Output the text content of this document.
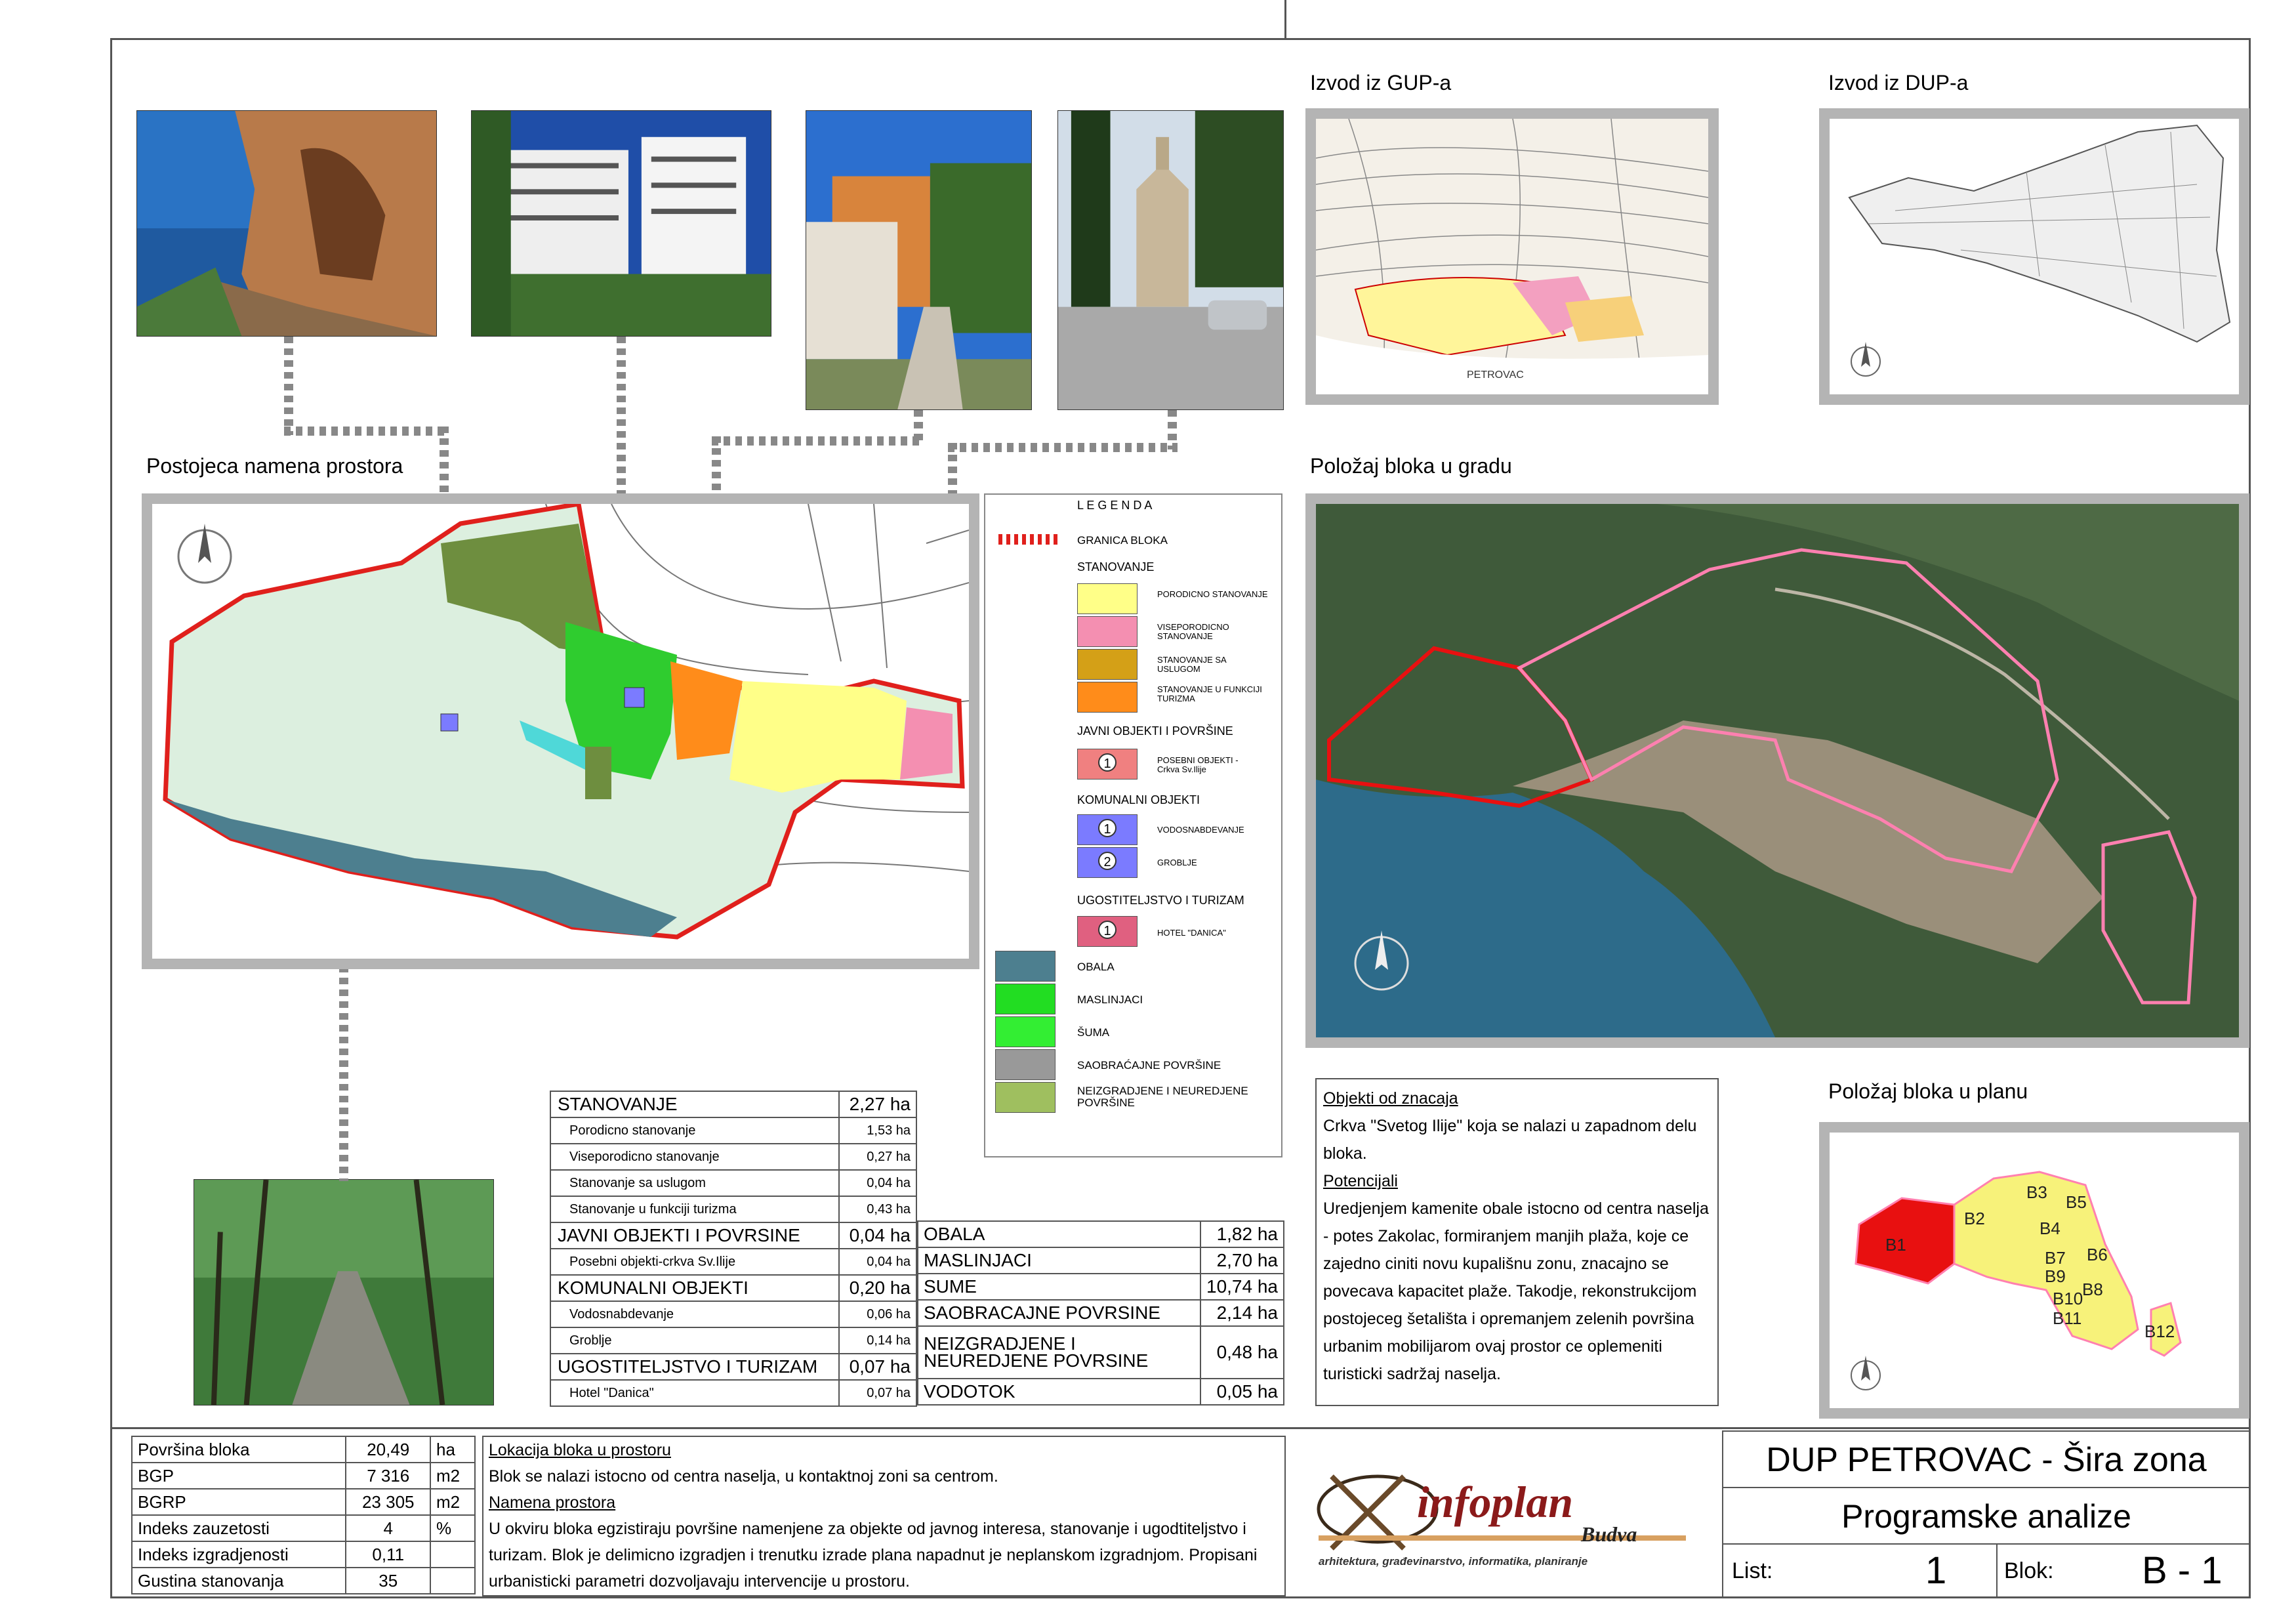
Postojeca namena prostora
Izvod iz GUP-a	Izvod iz DUP-a
Položaj bloka u gradu
Položaj bloka u planu
L E G E N D A
GRANICA BLOKA
STANOVANJE
PORODICNO STANOVANJE
VISEPORODICNO STANOVANJE
STANOVANJE SA USLUGOM
STANOVANJE U FUNKCIJI TURIZMA
JAVNI OBJEKTI I POVRŠINE
1	POSEBNI OBJEKTI - Crkva Sv.Ilije
KOMUNALNI OBJEKTI
1	VODOSNABDEVANJE
2	GROBLJE
UGOSTITELJSTVO I TURIZAM
1	HOTEL "DANICA"
OBALA
MASLINJACI
ŠUMA
SAOBRAĆAJNE POVRŠINE
NEIZGRADJENE I NEUREDJENE POVRŠINE
STANOVANJE	2,27 ha
Porodicno stanovanje	1,53 ha
Viseporodicno stanovanje	0,27 ha
Stanovanje sa uslugom	0,04 ha
Stanovanje u funkciji turizma	0,43 ha
JAVNI OBJEKTI I POVRSINE	0,04 ha
Posebni objekti-crkva Sv.Ilije	0,04 ha
KOMUNALNI OBJEKTI	0,20 ha
Vodosnabdevanje	0,06 ha
Groblje	0,14 ha
UGOSTITELJSTVO I TURIZAM	0,07 ha
Hotel "Danica"	0,07 ha
OBALA	1,82 ha
MASLINJACI	2,70 ha
SUME	10,74 ha
SAOBRACAJNE POVRSINE	2,14 ha
NEIZGRADJENE I NEUREDJENE POVRSINE	0,48 ha
VODOTOK	0,05 ha
Objekti od znacaja
Crkva "Svetog Ilije" koja se nalazi u zapadnom delu bloka.
Potencijali
Uredjenjem kamenite obale istocno od centra naselja - potes Zakolac, formiranjem manjih plaža, koje ce zajedno ciniti novu kupališnu zonu, znacajno se povecava kapacitet plaže. Takodje, rekonstrukcijom postojeceg šetališta i opremanjem zelenih površina urbanim mobilijarom ovaj prostor ce oplemeniti turisticki sadržaj naselja.
PETROVAC
B1
B2
B3
B4
B5
B6
B7
B8
B9
B10
B11
B12
Površina bloka	20,49	ha
BGP	7 316	m2
BGRP	23 305	m2
Indeks zauzetosti	4	%
Indeks izgradjenosti	0,11	
Gustina stanovanja	35	
Lokacija bloka u prostoru
Blok se nalazi istocno od centra naselja, u kontaktnoj zoni sa centrom.
Namena prostora
U okviru bloka egzistiraju površine namenjene za objekte od javnog interesa, stanovanje i ugodtiteljstvo i turizam. Blok je delimicno izgradjen i trenutku izrade plana napadnut je neplanskom izgradnjom. Propisani urbanisticki parametri dozvoljavaju intervencije u prostoru.
infoplan
Budva
arhitektura, građevinarstvo, informatika, planiranje
DUP PETROVAC - Šira zona
Programske analize
List:	1	Blok: B - 1
